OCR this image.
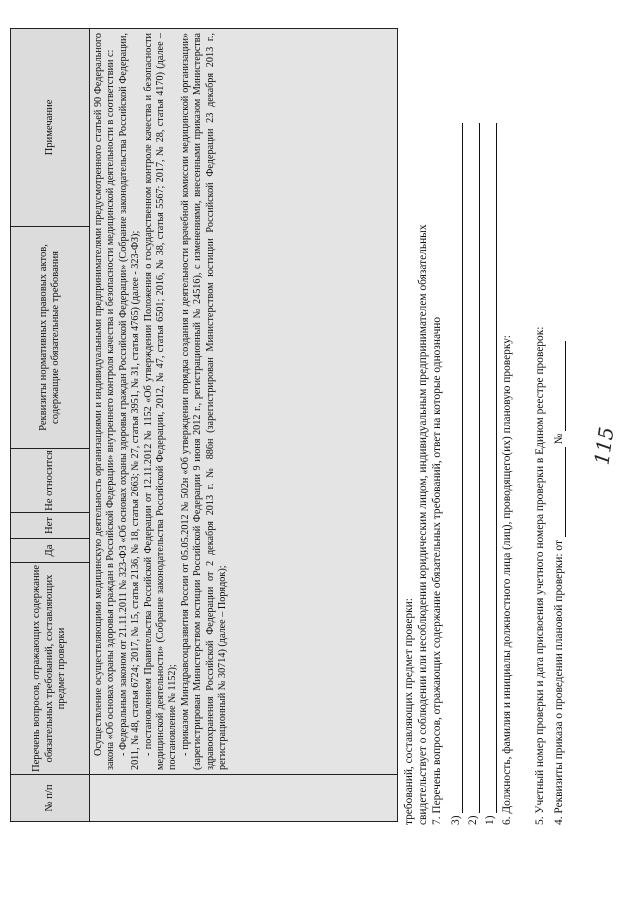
115
4. Реквизиты приказа о проведении плановой проверки: от  №
5. Учетный номер проверки и дата присвоения учетного номера проверки в Едином реестре проверок:
6. Должность, фамилия и инициалы должностного лица (лиц), проводящего(их) плановую проверку:
1)
2)
3)
7. Перечень вопросов, отражающих содержание обязательных требований, ответ на которые однозначно
свидетельствует о соблюдении или несоблюдении юридическим лицом, индивидуальным предпринимателем обязательных
требований, составляющих предмет проверки:
№ п/п	Перечень вопросов, отражающих содержание обязательных требований, составляющих предмет проверки	Да	Нет	Не относится	Реквизиты нормативных правовых актов, содержащие обязательные требования	Примечание

	Осуществление осуществляющими медицинскую деятельность организациями и индивидуальными предпринимателями предусмотренного статьей 90 Федерального закона «Об основах охраны здоровья граждан в Российской Федерации» внутреннего контроля качества и безопасности медицинской деятельности в соответствии с: - Федеральным законом от 21.11.2011 № 323-ФЗ «Об основах охраны здоровья граждан Российской Федерации» (Собрание законодательства Российской Федерации, 2011, № 48, статья 6724; 2017, № 15, статья 2136, № 18, статья 2663; № 27, статья 3951, № 31, статья 4765) (далее - 323-ФЗ); - постановлением Правительства Российской Федерации от 12.11.2012 № 1152 «Об утверждении Положения о государственном контроле качества и безопасности медицинской деятельности» (Собрание законодательства Российской Федерации, 2012, № 47, статья 6501; 2016, № 38, статья 5567; 2017, № 28, статья 4170) (далее – постановление № 1152); - приказом Минздравсоцразвития России от 05.05.2012 № 502н «Об утверждении порядка создания и деятельности врачебной комиссии медицинской организации» (зарегистрирован Министерством юстиции Российской Федерации 9 июня 2012 г., регистрационный № 24516), с изменениями, внесенными приказом Министерства здравоохранения Российской Федерации от 2 декабря 2013 г. № 886н (зарегистрирован Министерством юстиции Российской Федерации 23 декабря 2013 г., регистрационный № 30714) (далее – Порядок);					
